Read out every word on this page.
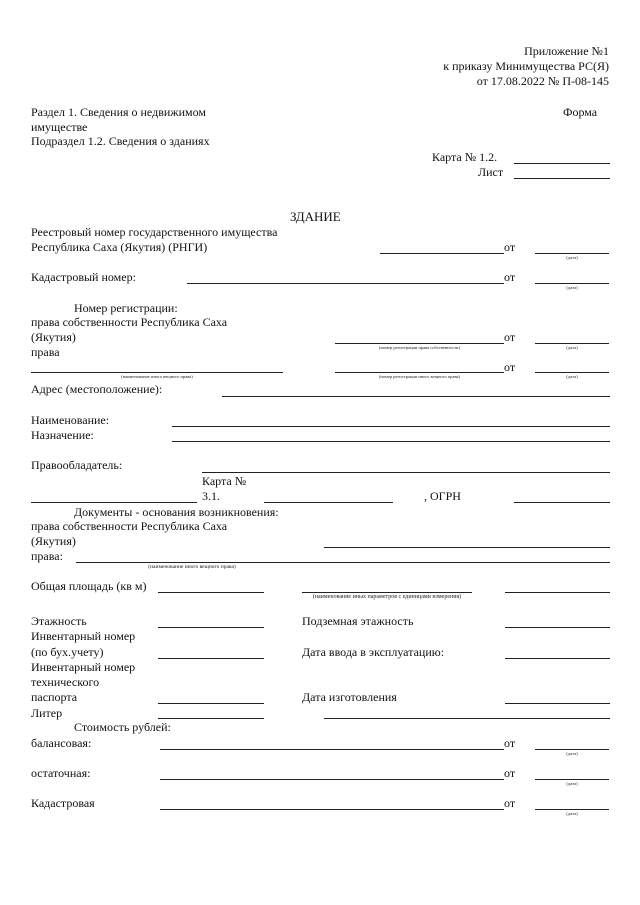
Приложение №1
к приказу Минимущества РС(Я)
от 17.08.2022 № П-08-145
Раздел 1. Сведения о недвижимом
имуществе
Подраздел 1.2. Сведения о зданиях
Форма
Карта № 1.2.
Лист
ЗДАНИЕ
Реестровый номер государственного имущества
Республика Саха (Якутия) (РНГИ)	от
(дата)
Кадастровый номер:	от
(дата)
Номер регистрации:
права собственности Республика Саха
(Якутия)
(номер регистрации права собственности)
от
(дата)
права
(наименование иного вещного права)	(номер регистрации иного вещного права)
от
(дата)
Адрес (местоположение):
Наименование:
Назначение:
Правообладатель:
Карта №
3.1.	, ОГРН
Документы - основания возникновения:
права собственности Республика Саха
(Якутия)
права:
(наименование иного вещного права)
Общая площадь (кв м)
(наименование иных параметров с единицами измерения)
Этажность	Подземная этажность
Инвентарный номер
(по бух.учету)	Дата ввода в эксплуатацию:
Инвентарный номер
технического
паспорта	Дата изготовления
Литер
Стоимость рублей:
балансовая:	от
(дата)
остаточная:	от
(дата)
Кадастровая	от
(дата)
